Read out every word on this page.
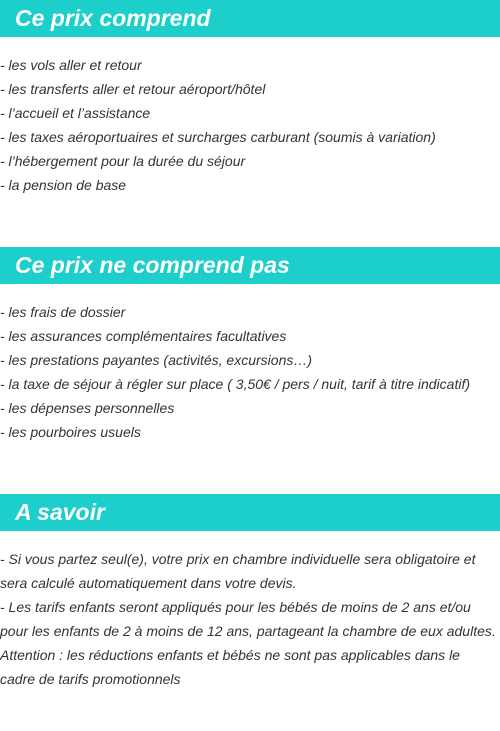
Ce prix comprend
- les vols aller et retour
- les transferts aller et retour aéroport/hôtel
- l’accueil et l’assistance
- les taxes aéroportuaires et surcharges carburant (soumis à variation)
- l’hébergement pour la durée du séjour
- la pension de base
Ce prix ne comprend pas
- les frais de dossier
- les assurances complémentaires facultatives
- les prestations payantes (activités, excursions…)
- la taxe de séjour à régler sur place ( 3,50€ / pers / nuit, tarif à titre indicatif)
- les dépenses personnelles
- les pourboires usuels
A savoir

- Si vous partez seul(e), votre prix en chambre individuelle sera obligatoire et sera calculé automatiquement dans votre devis.

- Les tarifs enfants seront appliqués pour les bébés de moins de 2 ans et/ou pour les enfants de 2 à moins de 12 ans, partageant la chambre de eux adultes.

Attention : les réductions enfants et bébés ne sont pas applicables dans le cadre de tarifs promotionnels
